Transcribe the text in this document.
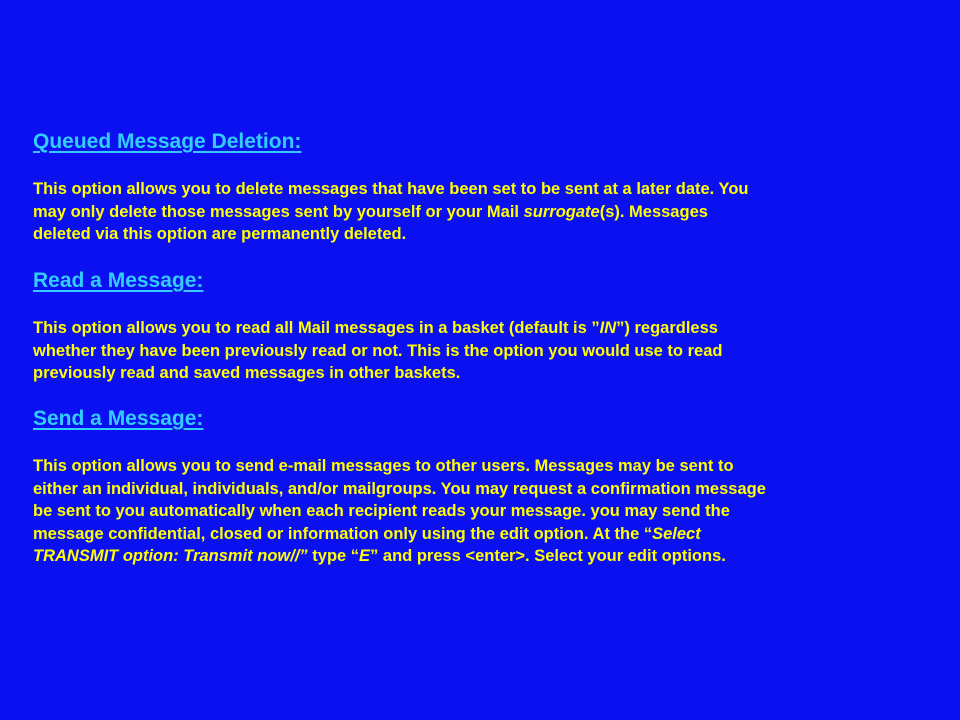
Queued Message Deletion:
This option allows you to delete messages that have been set to be sent at a later date. You
may only delete those messages sent by yourself or your Mail surrogate(s). Messages
deleted via this option are permanently deleted.
Read a Message:
This option allows you to read all Mail messages in a basket (default is ”IN”) regardless
whether they have been previously read or not. This is the option you would use to read
previously read and saved messages in other baskets.
Send a Message:
This option allows you to send e-mail messages to other users. Messages may be sent to
either an individual, individuals, and/or mailgroups. You may request a confirmation message
be sent to you automatically when each recipient reads your message. you may send the
message confidential, closed or information only using the edit option. At the “Select
TRANSMIT option: Transmit now//” type “E” and press <enter>. Select your edit options.
